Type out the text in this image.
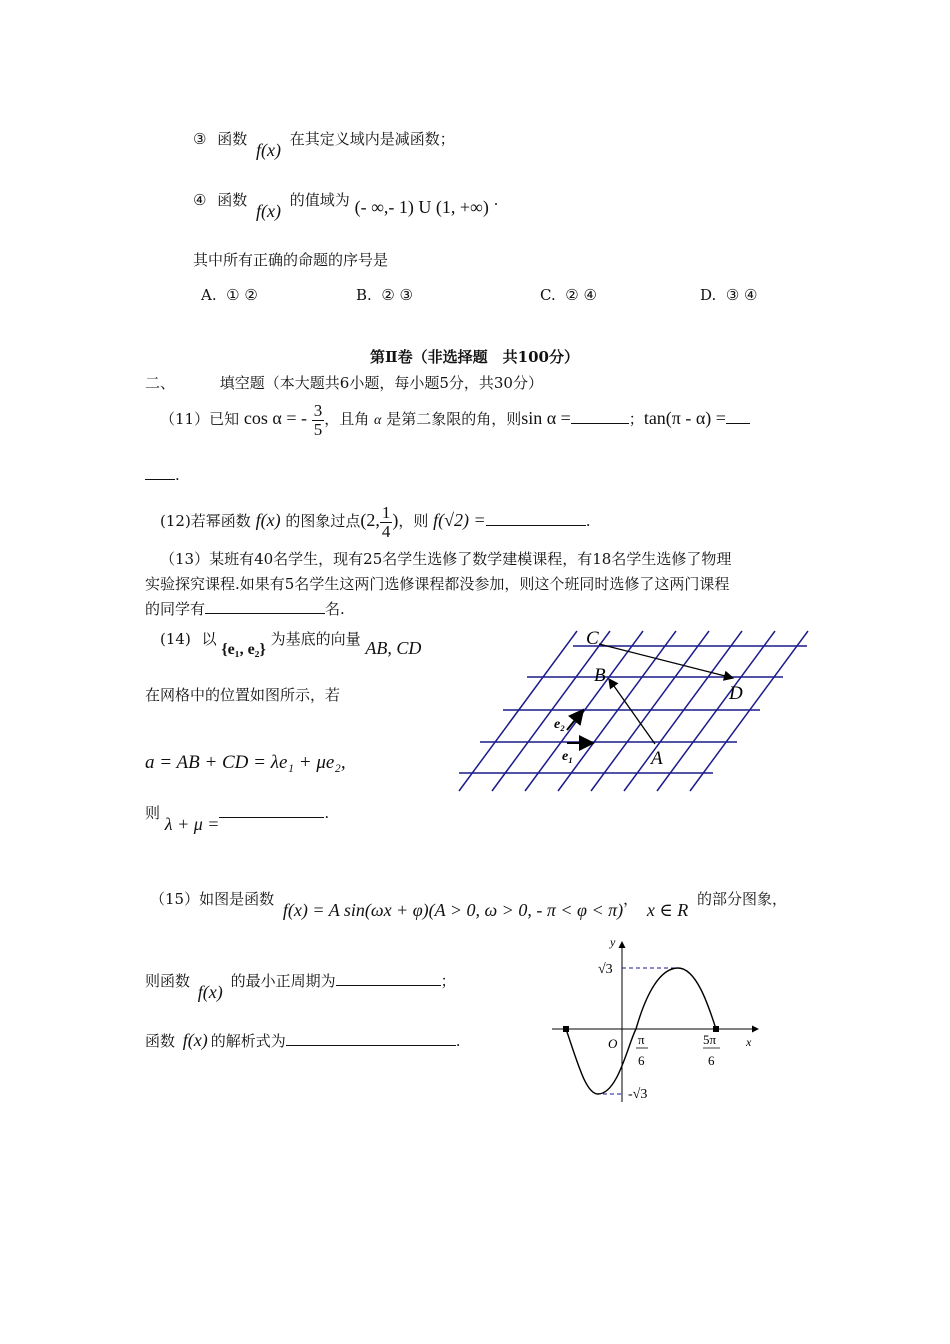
③ 函数 f(x) 在其定义域内是减函数；
④ 函数 f(x) 的值域为 (- ∞,- 1) U (1, +∞) .
其中所有正确的命题的序号是
A. ① ②	B. ② ③	C. ② ④	D. ③ ④
第Ⅱ卷（非选择题　共100分）
二、	填空题（本大题共6小题，每小题5分，共30分）
（11）已知 cos α = - $\frac{3}{5}$ ，且角 α 是第二象限的角，则sin α =	；tan(π - α) =
.
(12)若幂函数 f(x) 的图象过点(2, $\frac{1}{4}$ )，则 f(√2) =	.
（13）某班有40名学生，现有25名学生选修了数学建模课程，有18名学生选修了物理
实验探究课程.如果有5名学生这两门选修课程都没参加，则这个班同时选修了这两门课程
的同学有	名.
(14) 以 {e₁, e₂} 为基底的向量 AB, CD
在网格中的位置如图所示，若
a = AB + CD = λe₁ + μe₂,
则 λ + μ =.
C
B
D
A
e₂
e₁
（15）如图是函数 f(x) = A sin(ωx + φ)(A > 0, ω > 0, - π < φ < π)， x ∈ R 的部分图象，
则函数 f(x) 的最小正周期为	；
函数 f(x) 的解析式为	.
y
x
O
√3
-√3
π
6
5π
6
